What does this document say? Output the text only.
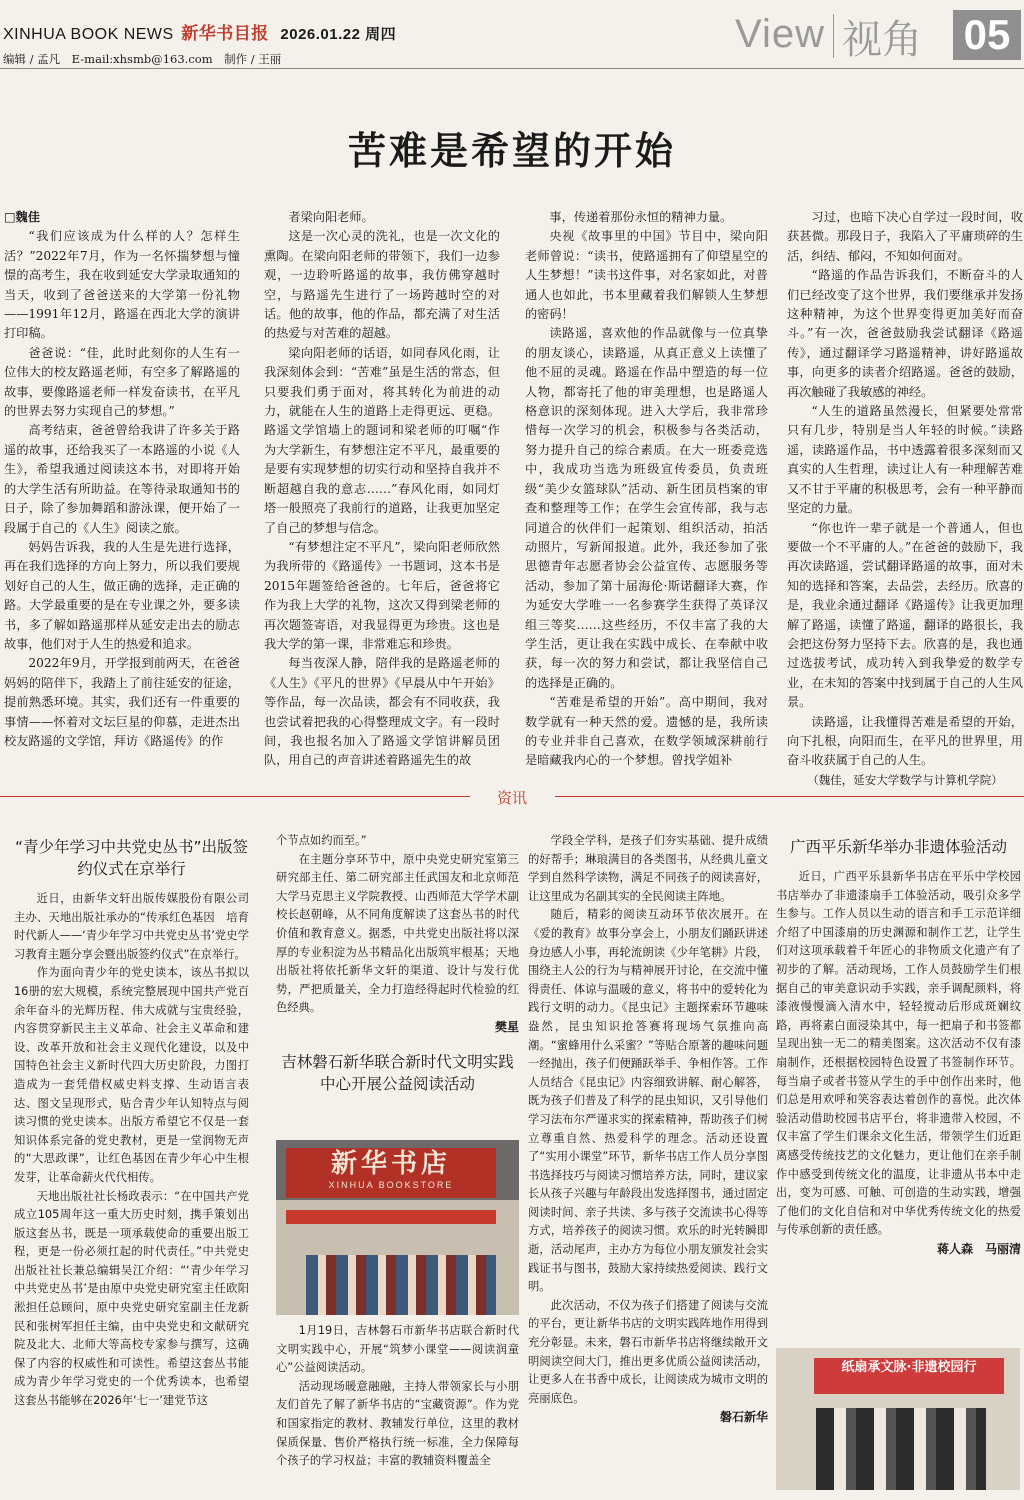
XINHUA BOOK NEWS 新华书目报 2026.01.22 周四
编辑 / 孟凡　E-mail:xhsmb@163.com　制作 / 王丽
View 视角 05
苦难是希望的开始

□魏佳

“我们应该成为什么样的人？怎样生活？”2022年7月，作为一名怀揣梦想与憧憬的高考生，我在收到延安大学录取通知的当天，收到了爸爸送来的大学第一份礼物——1991年12月，路遥在西北大学的演讲打印稿。

爸爸说：“佳，此时此刻你的人生有一位伟大的校友路遥老师，有空多了解路遥的故事，要像路遥老师一样发奋读书，在平凡的世界去努力实现自己的梦想。”

高考结束，爸爸曾给我讲了许多关于路遥的故事，还给我买了一本路遥的小说《人生》，希望我通过阅读这本书，对即将开始的大学生活有所助益。在等待录取通知书的日子，除了参加舞蹈和游泳课，便开始了一段属于自己的《人生》阅读之旅。

妈妈告诉我，我的人生是先进行选择，再在我们选择的方向上努力，所以我们要规划好自己的人生，做正确的选择，走正确的路。大学最重要的是在专业课之外，要多读书，多了解如路遥那样从延安走出去的励志故事，他们对于人生的热爱和追求。

2022年9月，开学报到前两天，在爸爸妈妈的陪伴下，我踏上了前往延安的征途，提前熟悉环境。其实，我们还有一件重要的事情——怀着对文坛巨星的仰慕，走进杰出校友路遥的文学馆，拜访《路遥传》的作

者梁向阳老师。

这是一次心灵的洗礼，也是一次文化的熏陶。在梁向阳老师的带领下，我们一边参观，一边聆听路遥的故事，我仿佛穿越时空，与路遥先生进行了一场跨越时空的对话。他的故事，他的作品，都充满了对生活的热爱与对苦难的超越。

梁向阳老师的话语，如同春风化雨，让我深刻体会到：“苦难”虽是生活的常态，但只要我们勇于面对，将其转化为前进的动力，就能在人生的道路上走得更远、更稳。路遥文学馆墙上的题词和梁老师的叮嘱“作为大学新生，有梦想注定不平凡，最重要的是要有实现梦想的切实行动和坚持自我并不断超越自我的意志……”春风化雨，如同灯塔一般照亮了我前行的道路，让我更加坚定了自己的梦想与信念。

“有梦想注定不平凡”，梁向阳老师欣然为我所带的《路遥传》一书题词，这本书是2015年题签给爸爸的。七年后，爸爸将它作为我上大学的礼物，这次又得到梁老师的再次题签寄语，对我显得更为珍贵。这也是我大学的第一课，非常难忘和珍贵。

每当夜深人静，陪伴我的是路遥老师的《人生》《平凡的世界》《早晨从中午开始》等作品，每一次品读，都会有不同收获，我也尝试着把我的心得整理成文字。有一段时间，我也报名加入了路遥文学馆讲解员团队，用自己的声音讲述着路遥先生的故

事，传递着那份永恒的精神力量。

央视《故事里的中国》节目中，梁向阳老师曾说：“读书，使路遥拥有了仰望星空的人生梦想！”读书这件事，对名家如此，对普通人也如此，书本里藏着我们解锁人生梦想的密码！

读路遥，喜欢他的作品就像与一位真挚的朋友谈心，读路遥，从真正意义上读懂了他不屈的灵魂。路遥在作品中塑造的每一位人物，都寄托了他的审美理想，也是路遥人格意识的深刻体现。进入大学后，我非常珍惜每一次学习的机会，积极参与各类活动，努力提升自己的综合素质。在大一班委竞选中，我成功当选为班级宣传委员，负责班级“美少女篮球队”活动、新生团员档案的审查和整理等工作；在学生会宣传部，我与志同道合的伙伴们一起策划、组织活动，拍活动照片，写新闻报道。此外，我还参加了张思德青年志愿者协会公益宣传、志愿服务等活动，参加了第十届海伦·斯诺翻译大赛，作为延安大学唯一一名参赛学生获得了英译汉组三等奖……这些经历，不仅丰富了我的大学生活，更让我在实践中成长、在奉献中收获，每一次的努力和尝试，都让我坚信自己的选择是正确的。

“苦难是希望的开始”。高中期间，我对数学就有一种天然的爱。遗憾的是，我所读的专业并非自己喜欢，在数学领域深耕前行是暗藏我内心的一个梦想。曾找学姐补

习过，也暗下决心自学过一段时间，收获甚微。那段日子，我陷入了平庸琐碎的生活，纠结、郁闷，不知如何面对。

“路遥的作品告诉我们，不断奋斗的人们已经改变了这个世界，我们要继承并发扬这种精神，为这个世界变得更加美好而奋斗。”有一次，爸爸鼓励我尝试翻译《路遥传》，通过翻译学习路遥精神，讲好路遥故事，向更多的读者介绍路遥。爸爸的鼓励，再次触碰了我敏感的神经。

“人生的道路虽然漫长，但紧要处常常只有几步，特别是当人年轻的时候。”读路遥，读路遥作品，书中透露着很多深刻而又真实的人生哲理，读过让人有一种理解苦难又不甘于平庸的积极思考，会有一种平静而坚定的力量。

“你也许一辈子就是一个普通人，但也要做一个不平庸的人。”在爸爸的鼓励下，我再次读路遥，尝试翻译路遥的故事，面对未知的选择和答案，去品尝，去经历。欣喜的是，我业余通过翻译《路遥传》让我更加理解了路遥，读懂了路遥，翻译的路很长，我会把这份努力坚持下去。欣喜的是，我也通过选拔考试，成功转入到我挚爱的数学专业，在未知的答案中找到属于自己的人生风景。

读路遥，让我懂得苦难是希望的开始，向下扎根，向阳而生，在平凡的世界里，用奋斗收获属于自己的人生。

（魏佳，延安大学数学与计算机学院）

资讯
“青少年学习中共党史丛书”出版签约仪式在京举行

近日，由新华文轩出版传媒股份有限公司主办、天地出版社承办的“传承红色基因　培育时代新人——‘青少年学习中共党史丛书’党史学习教育主题分享会暨出版签约仪式”在京举行。

作为面向青少年的党史读本，该丛书拟以16册的宏大规模，系统完整展现中国共产党百余年奋斗的光辉历程、伟大成就与宝贵经验，内容贯穿新民主主义革命、社会主义革命和建设、改革开放和社会主义现代化建设，以及中国特色社会主义新时代四大历史阶段，力图打造成为一套凭借权威史料支撑、生动语言表达、图文呈现形式，贴合青少年认知特点与阅读习惯的党史读本。出版方希望它不仅是一套知识体系完备的党史教材，更是一堂润物无声的“大思政课”，让红色基因在青少年心中生根发芽，让革命薪火代代相传。

天地出版社社长杨政表示：“在中国共产党成立105周年这一重大历史时刻，携手策划出版这套丛书，既是一项承载使命的重要出版工程，更是一份必须扛起的时代责任。”中共党史出版社社长兼总编辑吴江介绍：“‘青少年学习中共党史丛书’是由原中央党史研究室主任欧阳淞担任总顾问，原中央党史研究室副主任龙新民和张树军担任主编，由中央党史和文献研究院及北大、北师大等高校专家参与撰写，这确保了内容的权威性和可读性。希望这套丛书能成为青少年学习党史的一个优秀读本，也希望这套丛书能够在2026年‘七一’建党节这

个节点如约而至。”

在主题分享环节中，原中央党史研究室第三研究部主任、第二研究部主任武国友和北京师范大学马克思主义学院教授、山西师范大学学术副校长赵朝峰，从不同角度解读了这套丛书的时代价值和教育意义。据悉，中共党史出版社将以深厚的专业积淀为丛书精品化出版筑牢根基；天地出版社将依托新华文轩的渠道、设计与发行优势，严把质量关，全力打造经得起时代检验的红色经典。

樊星

吉林磐石新华联合新时代文明实践中心开展公益阅读活动
新华书店
XINHUA BOOKSTORE

1月19日，吉林磐石市新华书店联合新时代文明实践中心，开展“筑梦小课堂——阅读润童心”公益阅读活动。

活动现场暖意融融，主持人带领家长与小朋友们首先了解了新华书店的“宝藏资源”。作为党和国家指定的教材、教辅发行单位，这里的教材保质保量、售价严格执行统一标准，全力保障每个孩子的学习权益；丰富的教辅资料覆盖全

学段全学科，是孩子们夯实基础、提升成绩的好帮手；琳琅满目的各类图书，从经典儿童文学到自然科学读物，满足不同孩子的阅读喜好，让这里成为名副其实的全民阅读主阵地。

随后，精彩的阅读互动环节依次展开。在《爱的教育》故事分享会上，小朋友们踊跃讲述身边感人小事，再轮流朗读《少年笔耕》片段，围绕主人公的行为与精神展开讨论，在交流中懂得责任、体谅与温暖的意义，将书中的爱转化为践行文明的动力。《昆虫记》主题探索环节趣味盎然，昆虫知识抢答赛将现场气氛推向高潮。“蜜蜂用什么采蜜？”等贴合原著的趣味问题一经抛出，孩子们便踊跃举手、争相作答。工作人员结合《昆虫记》内容细致讲解、耐心解答，既为孩子们普及了科学的昆虫知识，又引导他们学习法布尔严谨求实的探索精神，帮助孩子们树立尊重自然、热爱科学的理念。活动还设置了“实用小课堂”环节，新华书店工作人员分享图书选择技巧与阅读习惯培养方法，同时，建议家长从孩子兴趣与年龄段出发选择图书，通过固定阅读时间、亲子共读、多与孩子交流读书心得等方式，培养孩子的阅读习惯。欢乐的时光转瞬即逝，活动尾声，主办方为每位小朋友颁发社会实践证书与图书，鼓励大家持续热爱阅读、践行文明。

此次活动，不仅为孩子们搭建了阅读与交流的平台，更让新华书店的文明实践阵地作用得到充分彰显。未来，磐石市新华书店将继续敞开文明阅读空间大门，推出更多优质公益阅读活动，让更多人在书香中成长，让阅读成为城市文明的亮丽底色。

磐石新华

广西平乐新华举办非遗体验活动

近日，广西平乐县新华书店在平乐中学校园书店举办了非遗漆扇手工体验活动，吸引众多学生参与。工作人员以生动的语言和手工示范详细介绍了中国漆扇的历史渊源和制作工艺，让学生们对这项承载着千年匠心的非物质文化遗产有了初步的了解。活动现场，工作人员鼓励学生们根据自己的审美意识动手实践，亲手调配颜料，将漆液慢慢滴入清水中，轻轻搅动后形成斑斓纹路，再将素白面浸染其中，每一把扇子和书签都呈现出独一无二的精美图案。这次活动不仅有漆扇制作，还根据校园特色设置了书签制作环节。每当扇子或者书签从学生的手中创作出来时，他们总是用欢呼和笑容表达着创作的喜悦。此次体验活动借助校园书店平台，将非遗带入校园，不仅丰富了学生们课余文化生活，带领学生们近距离感受传统技艺的文化魅力，更让他们在亲手制作中感受到传统文化的温度，让非遗从书本中走出，变为可感、可触、可创造的生动实践，增强了他们的文化自信和对中华优秀传统文化的热爱与传承创新的责任感。

蒋人森　马丽清

纸扇承文脉·非遗校园行
